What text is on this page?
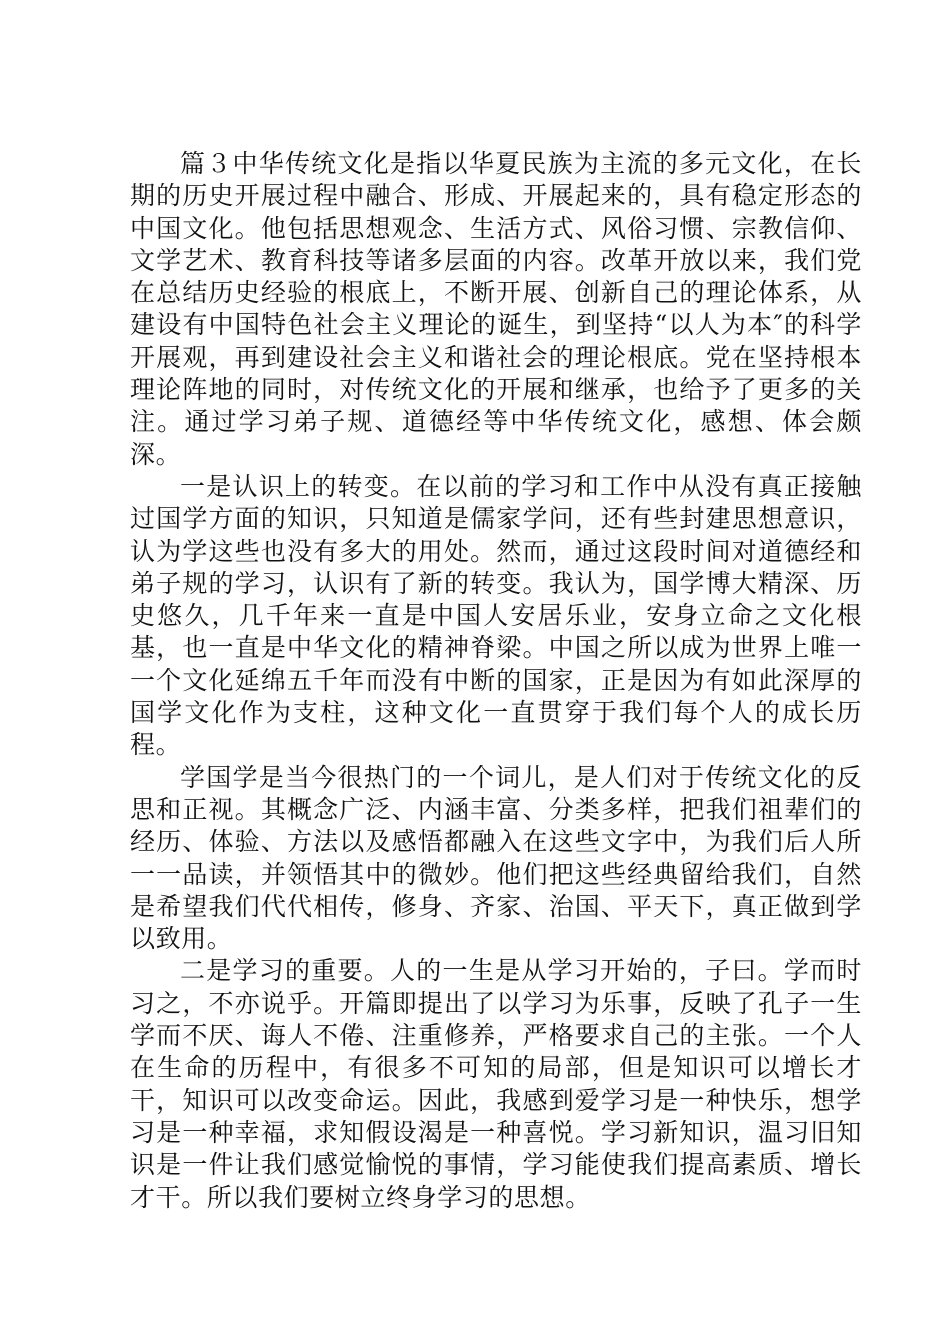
篇３中华传统文化是指以华夏民族为主流的多元文化，在长期的历史开展过程中融合、形成、开展起来的，具有稳定形态的中国文化。他包括思想观念、生活方式、风俗习惯、宗教信仰、文学艺术、教育科技等诸多层面的内容。改革开放以来，我们党在总结历史经验的根底上，不断开展、创新自己的理论体系，从建设有中国特色社会主义理论的诞生，到坚持“以人为本″的科学开展观，再到建设社会主义和谐社会的理论根底。党在坚持根本理论阵地的同时，对传统文化的开展和继承，也给予了更多的关注。通过学习弟子规、道德经等中华传统文化，感想、体会颇深。

一是认识上的转变。在以前的学习和工作中从没有真正接触过国学方面的知识，只知道是儒家学问，还有些封建思想意识，认为学这些也没有多大的用处。然而，通过这段时间对道德经和弟子规的学习，认识有了新的转变。我认为，国学博大精深、历史悠久，几千年来一直是中国人安居乐业，安身立命之文化根基，也一直是中华文化的精神脊梁。中国之所以成为世界上唯一一个文化延绵五千年而没有中断的国家，正是因为有如此深厚的国学文化作为支柱，这种文化一直贯穿于我们每个人的成长历程。

学国学是当今很热门的一个词儿，是人们对于传统文化的反思和正视。其概念广泛、内涵丰富、分类多样，把我们祖辈们的经历、体验、方法以及感悟都融入在这些文字中，为我们后人所一一品读，并领悟其中的微妙。他们把这些经典留给我们，自然是希望我们代代相传，修身、齐家、治国、平天下，真正做到学以致用。

二是学习的重要。人的一生是从学习开始的，子曰。学而时习之，不亦说乎。开篇即提出了以学习为乐事，反映了孔子一生学而不厌、诲人不倦、注重修养，严格要求自己的主张。一个人在生命的历程中，有很多不可知的局部，但是知识可以增长才干，知识可以改变命运。因此，我感到爱学习是一种快乐，想学习是一种幸福，求知假设渴是一种喜悦。学习新知识，温习旧知识是一件让我们感觉愉悦的事情，学习能使我们提高素质、增长才干。所以我们要树立终身学习的思想。
